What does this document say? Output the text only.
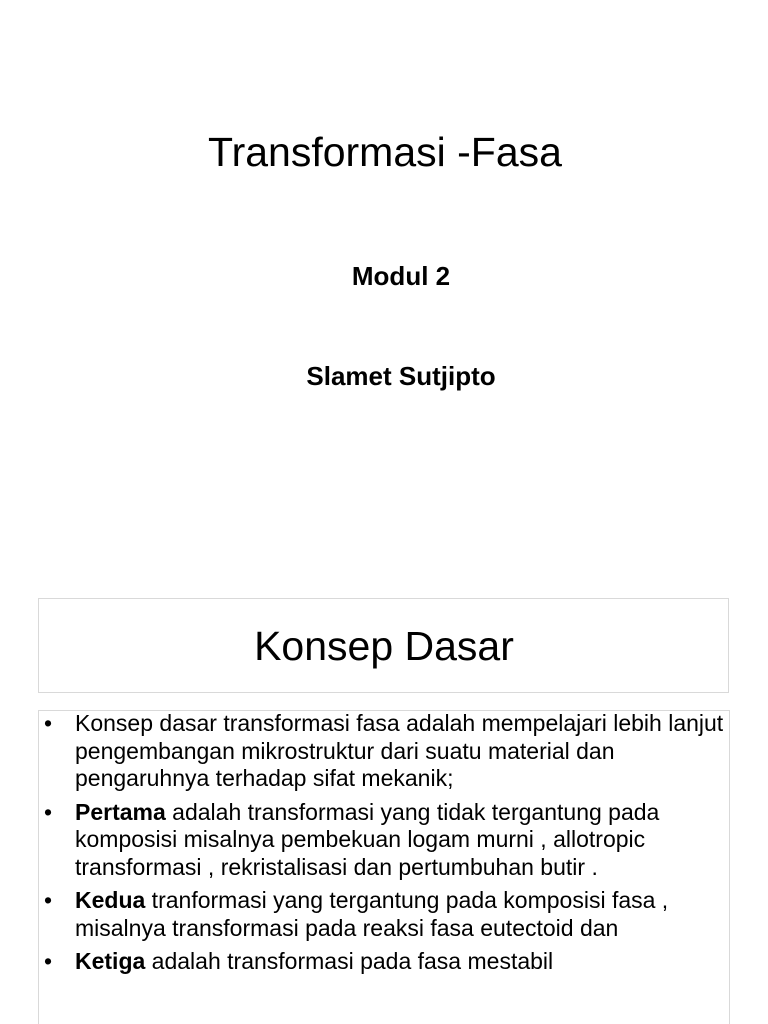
Transformasi -Fasa
Modul 2
Slamet Sutjipto
Konsep Dasar
• Konsep dasar transformasi fasa adalah mempelajari lebih lanjut pengembangan mikrostruktur dari suatu material dan pengaruhnya terhadap sifat mekanik;
• Pertama adalah transformasi yang tidak tergantung pada komposisi misalnya pembekuan logam murni , allotropic transformasi , rekristalisasi dan pertumbuhan butir .
• Kedua tranformasi yang tergantung pada komposisi fasa , misalnya transformasi pada reaksi fasa eutectoid dan
• Ketiga adalah transformasi pada fasa mestabil
